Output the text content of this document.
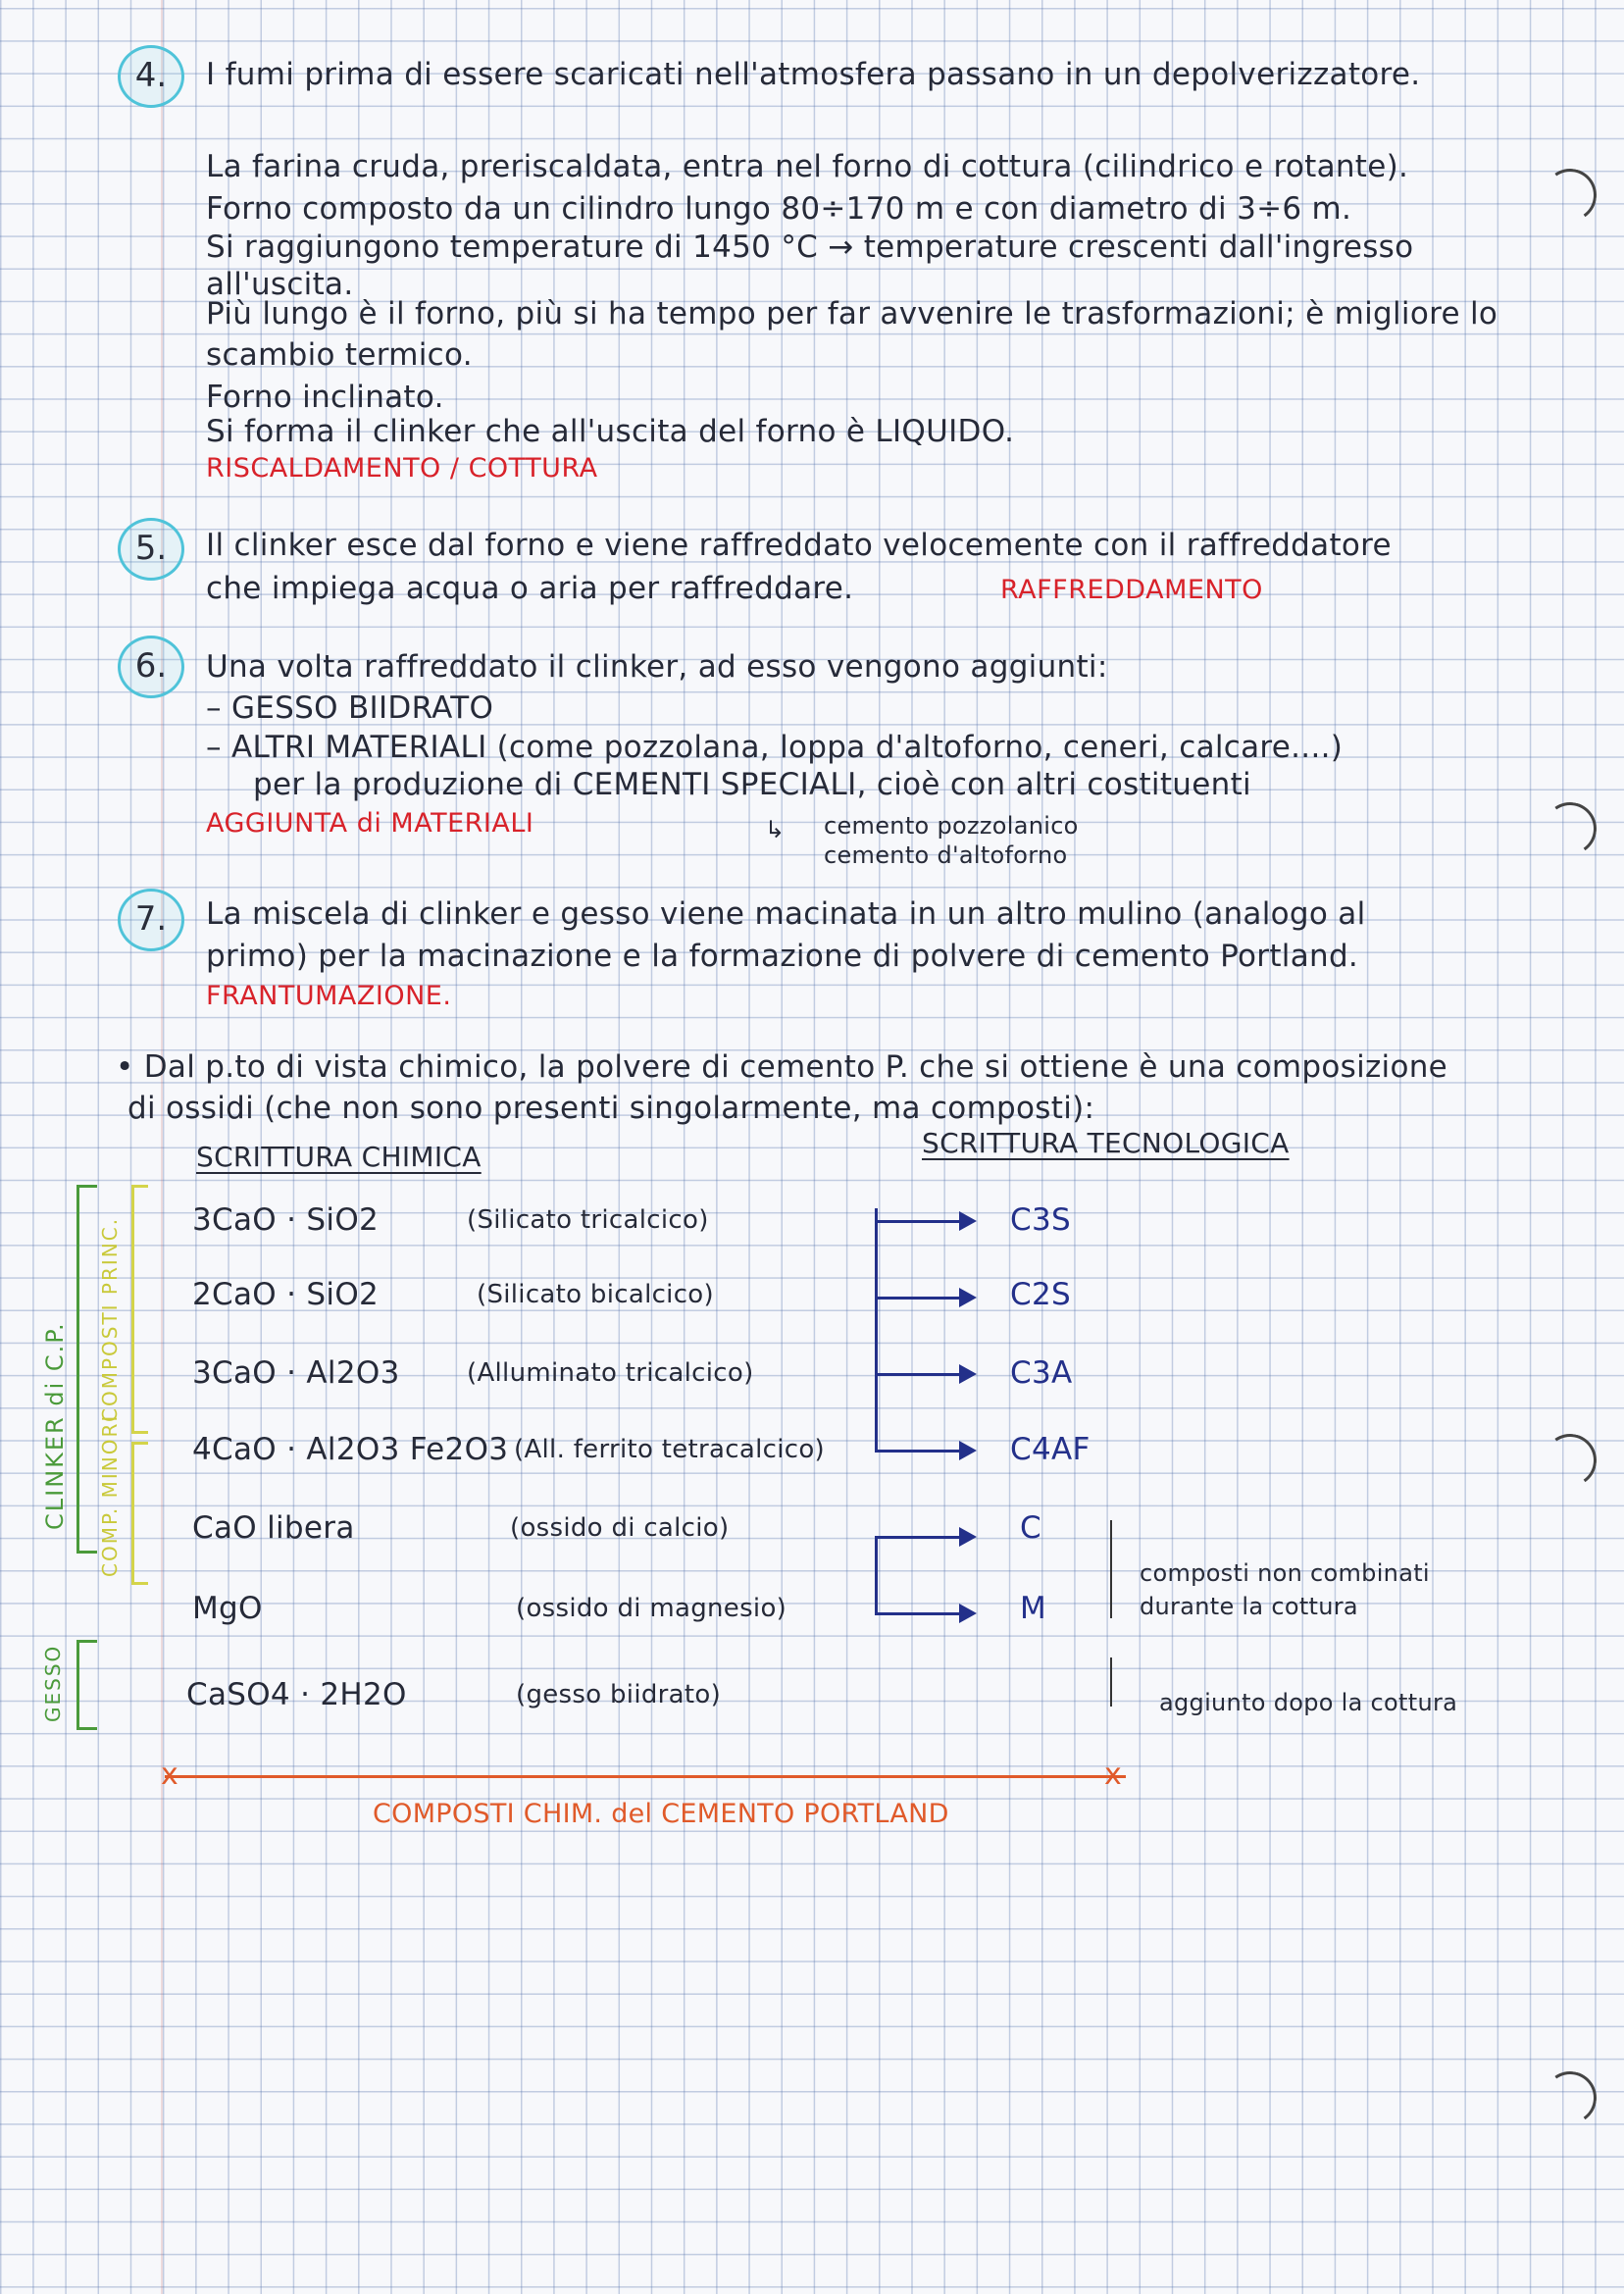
4.	I fumi prima di essere scaricati nell'atmosfera passano in un depolverizzatore.
La farina cruda, preriscaldata, entra nel forno di cottura (cilindrico e rotante).
Forno composto da un cilindro lungo 80÷170 m e con diametro di 3÷6 m.
Si raggiungono temperature di 1450 °C → temperature crescenti dall'ingresso
all'uscita.
Più lungo è il forno, più si ha tempo per far avvenire le trasformazioni; è migliore lo
scambio termico.
Forno inclinato.
Si forma il clinker che all'uscita del forno è LIQUIDO.
RISCALDAMENTO / COTTURA
5.	Il clinker esce dal forno e viene raffreddato velocemente con il raffreddatore
che impiega acqua o aria per raffreddare.	RAFFREDDAMENTO
6.	Una volta raffreddato il clinker, ad esso vengono aggiunti:
– GESSO BIIDRATO
– ALTRI MATERIALI (come pozzolana, loppa d'altoforno, ceneri, calcare....)
per la produzione di CEMENTI SPECIALI, cioè con altri costituenti
AGGIUNTA di MATERIALI	↳ cemento pozzolanico
cemento d'altoforno
7.	La miscela di clinker e gesso viene macinata in un altro mulino (analogo al
primo) per la macinazione e la formazione di polvere di cemento Portland.
FRANTUMAZIONE.
• Dal p.to di vista chimico, la polvere di cemento P. che si ottiene è una composizione
di ossidi (che non sono presenti singolarmente, ma composti):
SCRITTURA CHIMICA	SCRITTURA TECNOLOGICA
CLINKER di C.P.
COMPOSTI PRINC.
COMP. MINORI
GESSO
3CaO · SiO2	(Silicato tricalcico)	C3S
2CaO · SiO2	(Silicato bicalcico)	C2S
3CaO · Al2O3	(Alluminato tricalcico)	C3A
4CaO · Al2O3 Fe2O3 (All. ferrito tetracalcico)	C4AF
CaO libera	(ossido di calcio)	C
MgO	(ossido di magnesio)	M
CaSO4 · 2H2O	(gesso biidrato)
composti non combinati
durante la cottura
aggiunto dopo la cottura
x	x
COMPOSTI CHIM. del CEMENTO PORTLAND
